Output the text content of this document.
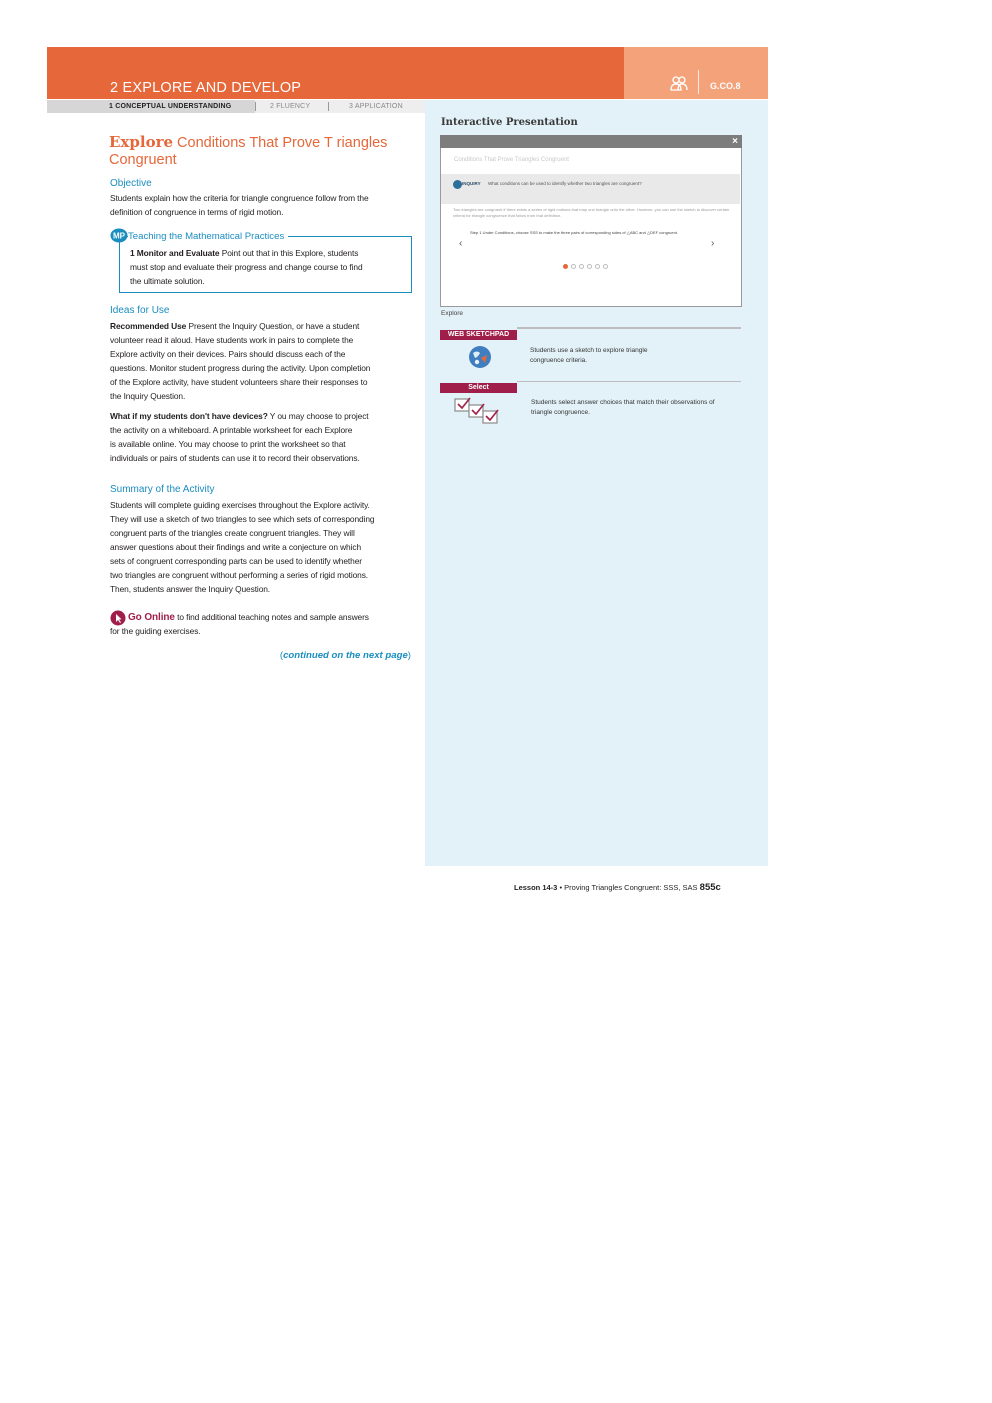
2 EXPLORE AND DEVELOP	G.CO.8
1 CONCEPTUAL UNDERSTANDING	2 FLUENCY	3 APPLICATION
Explore Conditions That Prove T riangles Congruent
Objective
Students explain how the criteria for triangle congruence follow from the
definition of congruence in terms of rigid motion.
MP Teaching the Mathematical Practices
1 Monitor and Evaluate Point out that in this Explore, students
must stop and evaluate their progress and change course to find
the ultimate solution.
Ideas for Use
Recommended Use Present the Inquiry Question, or have a student
volunteer read it aloud. Have students work in pairs to complete the
Explore activity on their devices. Pairs should discuss each of the
questions. Monitor student progress during the activity. Upon completion
of the Explore activity, have student volunteers share their responses to
the Inquiry Question.
What if my students don't have devices? Y ou may choose to project
the activity on a whiteboard. A printable worksheet for each Explore
is available online. You may choose to print the worksheet so that
individuals or pairs of students can use it to record their observations.
Summary of the Activity
Students will complete guiding exercises throughout the Explore activity.
They will use a sketch of two triangles to see which sets of corresponding
congruent parts of the triangles create congruent triangles. They will
answer questions about their findings and write a conjecture on which
sets of congruent corresponding parts can be used to identify whether
two triangles are congruent without performing a series of rigid motions.
Then, students answer the Inquiry Question.
Go Online to find additional teaching notes and sample answers
for the guiding exercises.
(continued on the next page)
Interactive Presentation
×
Conditions That Prove Triangles Congruent
INQUIRY What conditions can be used to identify whether two triangles are congruent?
Two triangles are congruent if there exists a series of rigid motions that map one triangle onto the other. However, you can use the sketch to discover certain criteria for triangle congruence that follow from that definition.
Step 1 Under Conditions, choose SSS to make the three pairs of corresponding sides of △ABC and △DEF congruent.
‹	›
Explore
WEB SKETCHPAD
Students use a sketch to explore triangle
congruence criteria.
Select
Students select answer choices that match their observations of
triangle congruence.
Lesson 14-3 • Proving Triangles Congruent: SSS, SAS 855c
